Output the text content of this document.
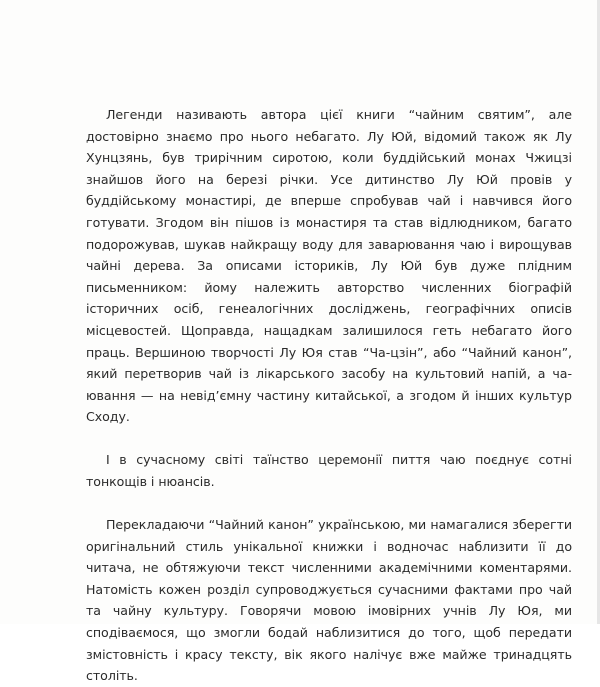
Легенди називають автора цієї книги “чайним святим”, але достовірно знаємо про нього небагато. Лу Юй, відомий також як Лу Хунцзянь, був трирічним сиротою, коли буддійський монах Чжицзі знайшов його на березі річки. Усе дитинство Лу Юй провів у буддійському монастирі, де вперше спробував чай і навчився його готувати. Згодом він пішов із монастиря та став відлюдником, багато подорожував, шукав найкращу воду для заварювання чаю і вирощував чайні дерева. За описами істориків, Лу Юй був дуже плідним письменником: йому належить авторство численних біографій історичних осіб, генеалогічних досліджень, географічних описів місцевостей. Щоправда, нащадкам залишилося геть небагато його праць. Вершиною творчості Лу Юя став “Ча-цзін”, або “Чайний канон”, який перетворив чай із лікарського засобу на культовий напій, а чаювання — на невід’ємну частину китайської, а згодом й інших культур Сходу.

І в сучасному світі таїнство церемонії пиття чаю поєднує сотні тонкощів і нюансів.

Перекладаючи “Чайний канон” українською, ми намагалися зберегти оригінальний стиль унікальної книжки і водночас наблизити її до читача, не обтяжуючи текст численними академічними коментарями. Натомість кожен розділ супроводжується сучасними фактами про чай та чайну культуру. Говорячи мовою імовірних учнів Лу Юя, ми сподіваємося, що змогли бодай наблизитися до того, щоб передати змістовність і красу тексту, вік якого налічує вже майже тринадцять століть.
